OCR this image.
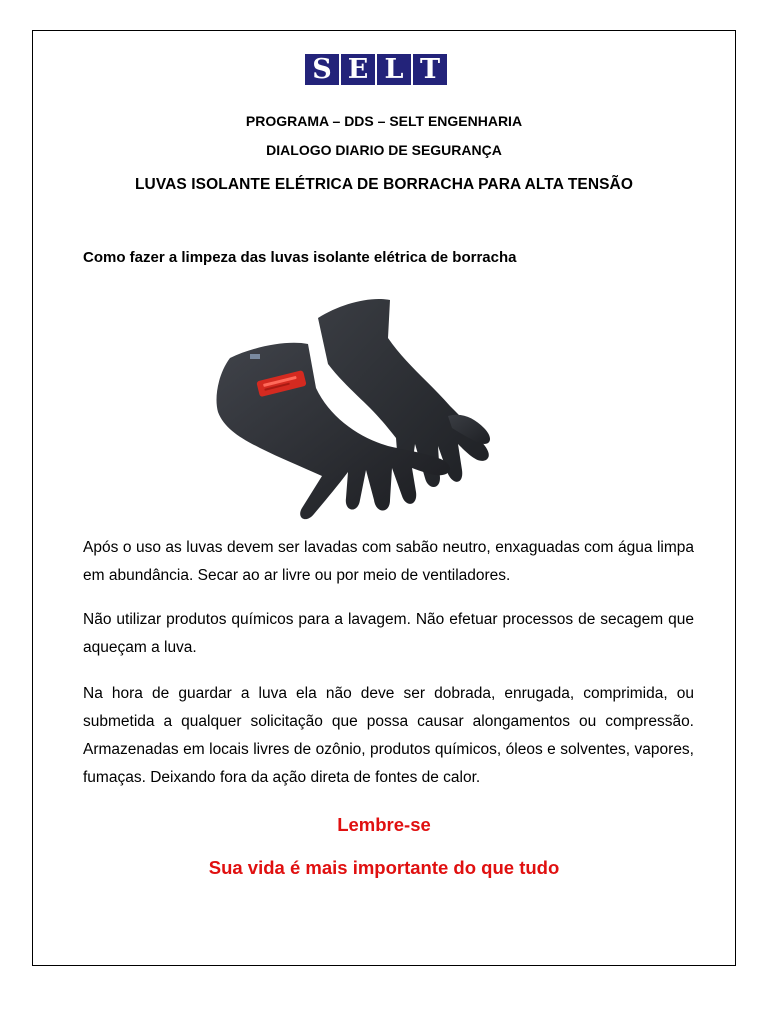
S E L T
PROGRAMA – DDS – SELT ENGENHARIA
DIALOGO DIARIO DE SEGURANÇA
LUVAS ISOLANTE ELÉTRICA DE BORRACHA PARA ALTA TENSÃO
Como fazer a limpeza das luvas isolante elétrica de borracha

Após o uso as luvas devem ser lavadas com sabão neutro, enxaguadas com água limpa em abundância. Secar ao ar livre ou por meio de ventiladores.

Não utilizar produtos químicos para a lavagem. Não efetuar processos de secagem que aqueçam a luva.

Na hora de guardar a luva ela não deve ser dobrada, enrugada, comprimida, ou submetida a qualquer solicitação que possa causar alongamentos ou compressão. Armazenadas em locais livres de ozônio, produtos químicos, óleos e solventes, vapores, fumaças. Deixando fora da ação direta de fontes de calor.

Lembre-se
Sua vida é mais importante do que tudo
